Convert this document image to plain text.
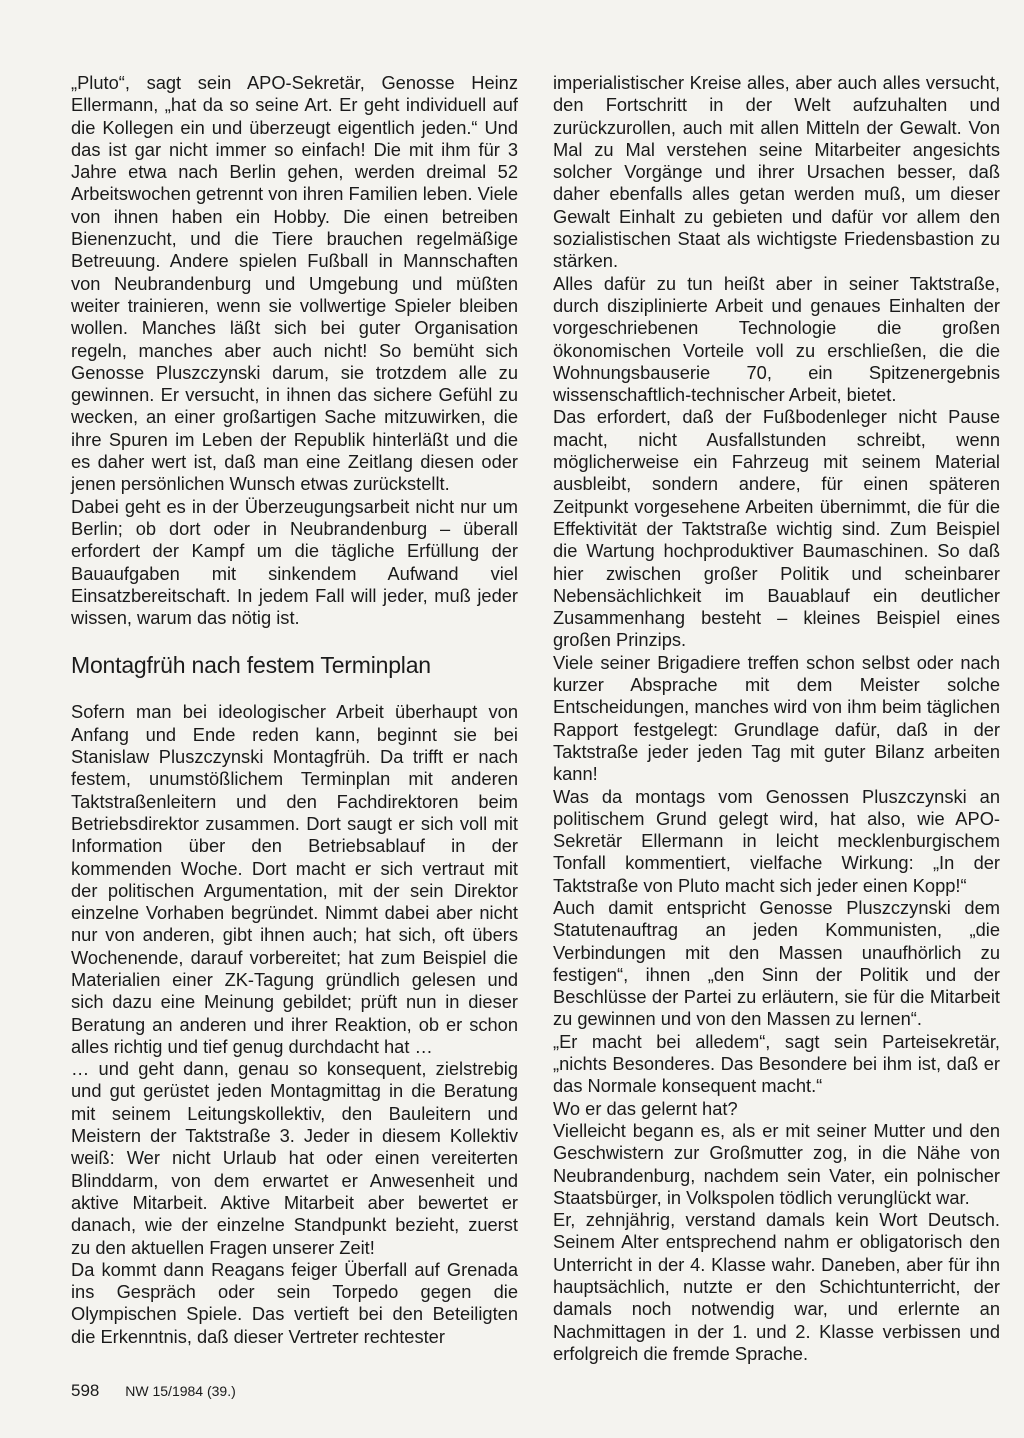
„Pluto“, sagt sein APO-Sekretär, Genosse Heinz Ellermann, „hat da so seine Art. Er geht individuell auf die Kollegen ein und überzeugt eigentlich jeden.“ Und das ist gar nicht immer so einfach! Die mit ihm für 3 Jahre etwa nach Berlin gehen, werden dreimal 52 Arbeitswochen getrennt von ihren Familien leben. Viele von ihnen haben ein Hobby. Die einen betreiben Bienenzucht, und die Tiere brauchen regelmäßige Betreuung. Andere spielen Fußball in Mannschaften von Neubrandenburg und Umgebung und müßten weiter trainieren, wenn sie vollwertige Spieler bleiben wollen. Manches läßt sich bei guter Organisation regeln, manches aber auch nicht! So bemüht sich Genosse Pluszczynski darum, sie trotzdem alle zu gewinnen. Er versucht, in ihnen das sichere Gefühl zu wecken, an einer großartigen Sache mitzuwirken, die ihre Spuren im Leben der Republik hinterläßt und die es daher wert ist, daß man eine Zeitlang diesen oder jenen persönlichen Wunsch etwas zurückstellt.

Dabei geht es in der Überzeugungsarbeit nicht nur um Berlin; ob dort oder in Neubrandenburg – überall erfordert der Kampf um die tägliche Erfüllung der Bauaufgaben mit sinkendem Aufwand viel Einsatzbereitschaft. In jedem Fall will jeder, muß jeder wissen, warum das nötig ist.

Montagfrüh nach festem Terminplan

Sofern man bei ideologischer Arbeit überhaupt von Anfang und Ende reden kann, beginnt sie bei Stanislaw Pluszczynski Montagfrüh. Da trifft er nach festem, unumstößlichem Terminplan mit anderen Taktstraßenleitern und den Fachdirektoren beim Betriebsdirektor zusammen. Dort saugt er sich voll mit Information über den Betriebsablauf in der kommenden Woche. Dort macht er sich vertraut mit der politischen Argumentation, mit der sein Direktor einzelne Vorhaben begründet. Nimmt dabei aber nicht nur von anderen, gibt ihnen auch; hat sich, oft übers Wochenende, darauf vorbereitet; hat zum Beispiel die Materialien einer ZK-Tagung gründlich gelesen und sich dazu eine Meinung gebildet; prüft nun in dieser Beratung an anderen und ihrer Reaktion, ob er schon alles richtig und tief genug durchdacht hat …

… und geht dann, genau so konsequent, zielstrebig und gut gerüstet jeden Montagmittag in die Beratung mit seinem Leitungskollektiv, den Bauleitern und Meistern der Taktstraße 3. Jeder in diesem Kollektiv weiß: Wer nicht Urlaub hat oder einen vereiterten Blinddarm, von dem erwartet er Anwesenheit und aktive Mitarbeit. Aktive Mitarbeit aber bewertet er danach, wie der einzelne Standpunkt bezieht, zuerst zu den aktuellen Fragen unserer Zeit!

Da kommt dann Reagans feiger Überfall auf Grenada ins Gespräch oder sein Torpedo gegen die Olympischen Spiele. Das vertieft bei den Beteiligten die Erkenntnis, daß dieser Vertreter rechtester

imperialistischer Kreise alles, aber auch alles versucht, den Fortschritt in der Welt aufzuhalten und zurückzurollen, auch mit allen Mitteln der Gewalt. Von Mal zu Mal verstehen seine Mitarbeiter angesichts solcher Vorgänge und ihrer Ursachen besser, daß daher ebenfalls alles getan werden muß, um dieser Gewalt Einhalt zu gebieten und dafür vor allem den sozialistischen Staat als wichtigste Friedensbastion zu stärken.

Alles dafür zu tun heißt aber in seiner Taktstraße, durch disziplinierte Arbeit und genaues Einhalten der vorgeschriebenen Technologie die großen ökonomischen Vorteile voll zu erschließen, die die Wohnungsbauserie 70, ein Spitzenergebnis wissenschaftlich-technischer Arbeit, bietet.

Das erfordert, daß der Fußbodenleger nicht Pause macht, nicht Ausfallstunden schreibt, wenn möglicherweise ein Fahrzeug mit seinem Material ausbleibt, sondern andere, für einen späteren Zeitpunkt vorgesehene Arbeiten übernimmt, die für die Effektivität der Taktstraße wichtig sind. Zum Beispiel die Wartung hochproduktiver Baumaschinen. So daß hier zwischen großer Politik und scheinbarer Nebensächlichkeit im Bauablauf ein deutlicher Zusammenhang besteht – kleines Beispiel eines großen Prinzips.

Viele seiner Brigadiere treffen schon selbst oder nach kurzer Absprache mit dem Meister solche Entscheidungen, manches wird von ihm beim täglichen Rapport festgelegt: Grundlage dafür, daß in der Taktstraße jeder jeden Tag mit guter Bilanz arbeiten kann!

Was da montags vom Genossen Pluszczynski an politischem Grund gelegt wird, hat also, wie APO-Sekretär Ellermann in leicht mecklenburgischem Tonfall kommentiert, vielfache Wirkung: „In der Taktstraße von Pluto macht sich jeder einen Kopp!“

Auch damit entspricht Genosse Pluszczynski dem Statutenauftrag an jeden Kommunisten, „die Verbindungen mit den Massen unaufhörlich zu festigen“, ihnen „den Sinn der Politik und der Beschlüsse der Partei zu erläutern, sie für die Mitarbeit zu gewinnen und von den Massen zu lernen“.

„Er macht bei alledem“, sagt sein Parteisekretär, „nichts Besonderes. Das Besondere bei ihm ist, daß er das Normale konsequent macht.“

Wo er das gelernt hat?

Vielleicht begann es, als er mit seiner Mutter und den Geschwistern zur Großmutter zog, in die Nähe von Neubrandenburg, nachdem sein Vater, ein polnischer Staatsbürger, in Volkspolen tödlich verunglückt war.

Er, zehnjährig, verstand damals kein Wort Deutsch. Seinem Alter entsprechend nahm er obligatorisch den Unterricht in der 4. Klasse wahr. Daneben, aber für ihn hauptsächlich, nutzte er den Schichtunterricht, der damals noch notwendig war, und erlernte an Nachmittagen in der 1. und 2. Klasse verbissen und erfolgreich die fremde Sprache.

598 NW 15/1984 (39.)
